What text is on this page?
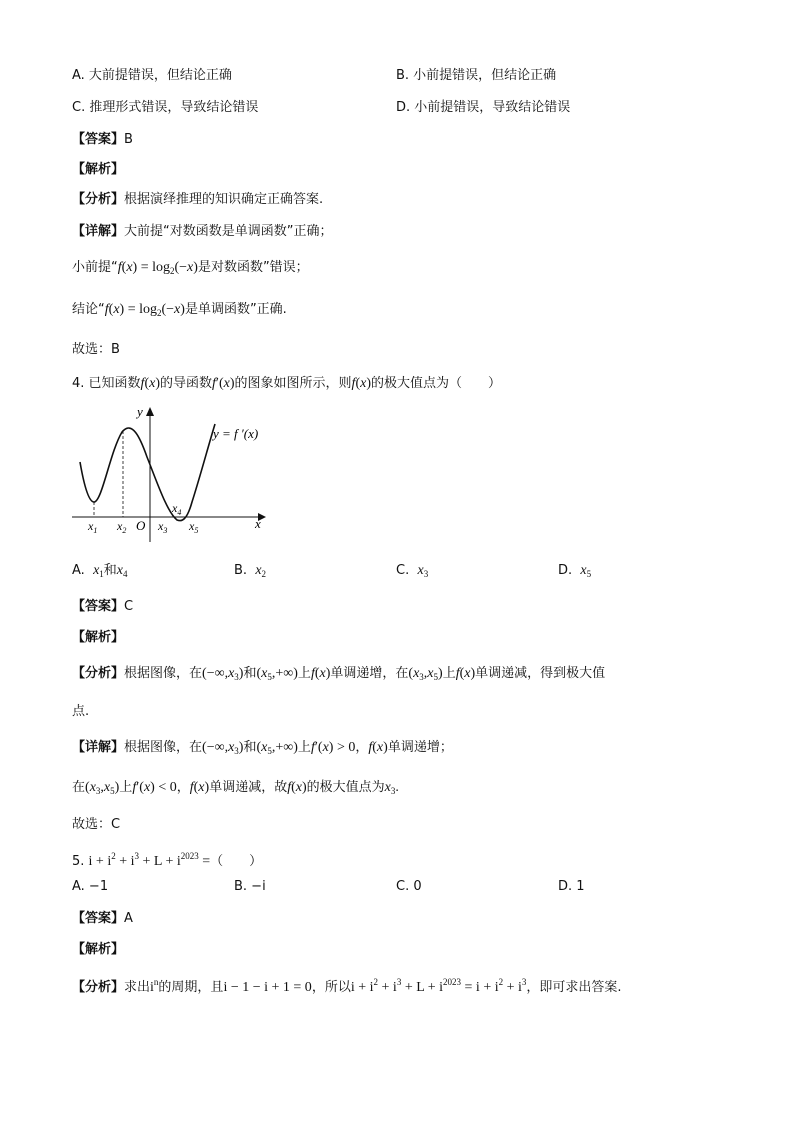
A. 大前提错误，但结论正确	B. 小前提错误，但结论正确
C. 推理形式错误，导致结论错误	D. 小前提错误，导致结论错误
【答案】B
【解析】
【分析】根据演绎推理的知识确定正确答案.
【详解】大前提“对数函数是单调函数”正确；
小前提“$f(x) = \log_2(-x)$是对数函数”错误；
结论“$f(x) = \log_2(-x)$是单调函数”正确.
故选：B
4. 已知函数f(x)的导函数f′(x)的图象如图所示，则f(x)的极大值点为（　　）
y = f ′(x)
x
y
O
$x_1$ $x_2$	$x_3$
$x_4$
$x_5$
A. $x_1$和$x_4$	B. $x_2$	C. $x_3$	D. $x_5$
【答案】C
【解析】
【分析】根据图像，在$(-\infty,x_3)$和$(x_5,+\infty)$上f(x)单调递增，在$(x_3,x_5)$上f(x)单调递减，得到极大值
点.
【详解】根据图像，在$(-\infty,x_3)$和$(x_5,+\infty)$上f′(x) > 0，f(x)单调递增；
在$(x_3,x_5)$上f′(x) < 0，f(x)单调递减，故f(x)的极大值点为$x_3$.
故选：C
5. $i + i^2 + i^3 + L + i^{2023}$ =（　　）
A. −1	B. −i	C. 0	D. 1
【答案】A
【解析】
【分析】求出$i^n$的周期，且i − 1 − i + 1 = 0，所以$i + i^2 + i^3 + L + i^{2023} = i + i^2 + i^3$，即可求出答案.
